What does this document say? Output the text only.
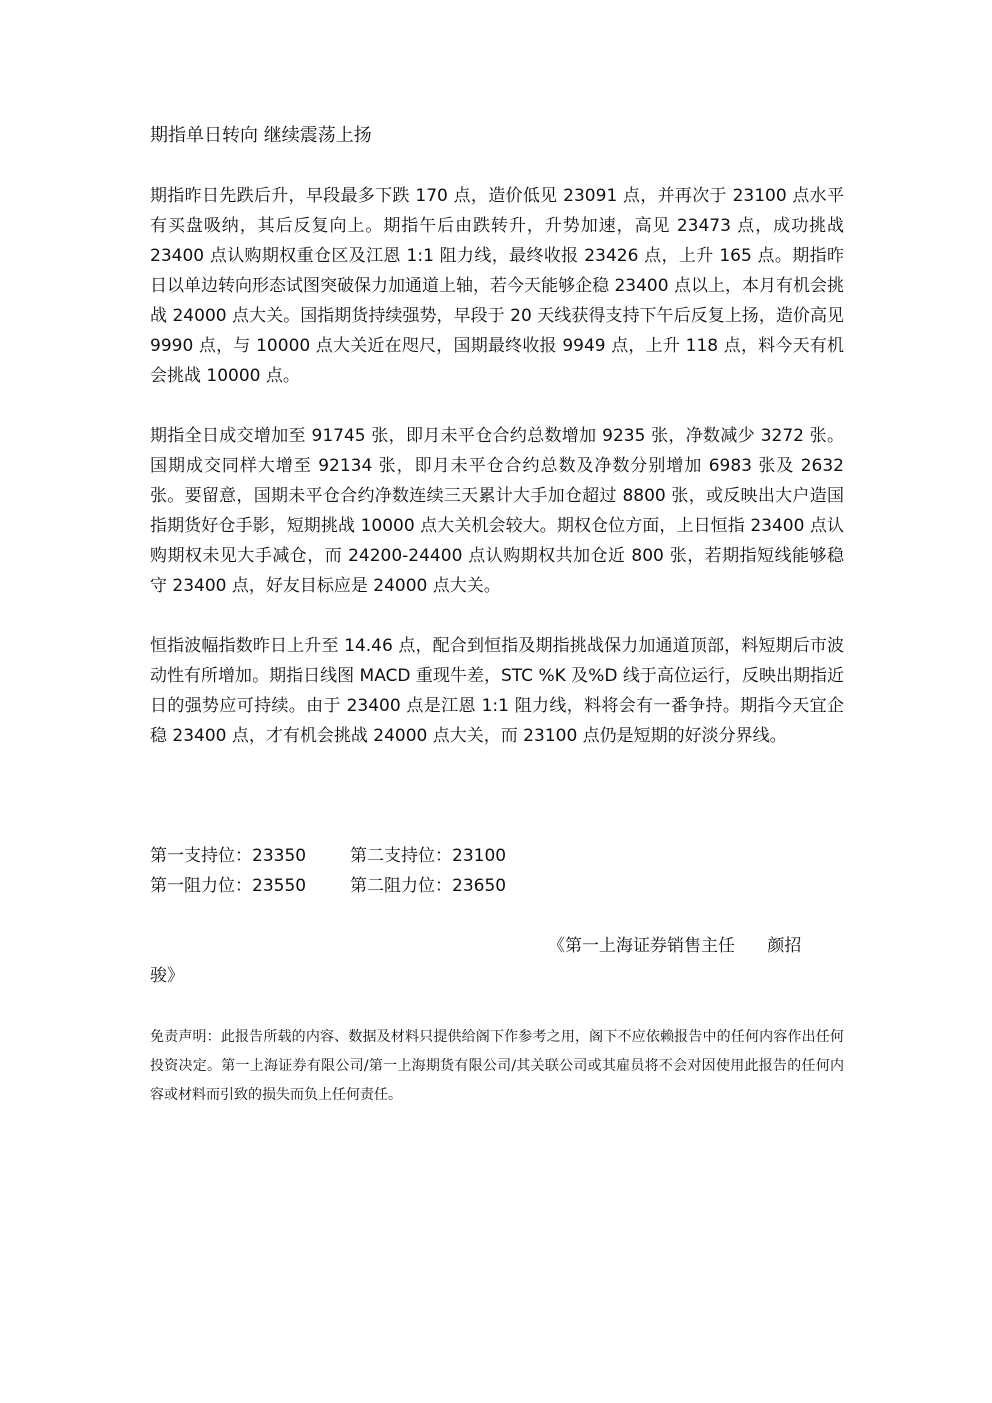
期指单日转向 继续震荡上扬

期指昨日先跌后升，早段最多下跌 170 点，造价低见 23091 点，并再次于 23100 点水平有买盘吸纳，其后反复向上。期指午后由跌转升，升势加速，高见 23473 点，成功挑战 23400 点认购期权重仓区及江恩 1:1 阻力线，最终收报 23426 点，上升 165 点。期指昨日以单边转向形态试图突破保力加通道上轴，若今天能够企稳 23400 点以上，本月有机会挑战 24000 点大关。国指期货持续强势，早段于 20 天线获得支持下午后反复上扬，造价高见 9990 点，与 10000 点大关近在咫尺，国期最终收报 9949 点，上升 118 点，料今天有机会挑战 10000 点。

期指全日成交增加至 91745 张，即月未平仓合约总数增加 9235 张，净数减少 3272 张。国期成交同样大增至 92134 张，即月未平仓合约总数及净数分别增加 6983 张及 2632 张。要留意，国期未平仓合约净数连续三天累计大手加仓超过 8800 张，或反映出大户造国指期货好仓手影，短期挑战 10000 点大关机会较大。期权仓位方面，上日恒指 23400 点认购期权未见大手减仓，而 24200-24400 点认购期权共加仓近 800 张，若期指短线能够稳守 23400 点，好友目标应是 24000 点大关。

恒指波幅指数昨日上升至 14.46 点，配合到恒指及期指挑战保力加通道顶部，料短期后市波动性有所增加。期指日线图 MACD 重现牛差，STC %K 及%D 线于高位运行，反映出期指近日的强势应可持续。由于 23400 点是江恩 1:1 阻力线，料将会有一番争持。期指今天宜企稳 23400 点，才有机会挑战 24000 点大关，而 23100 点仍是短期的好淡分界线。

第一支持位：23350	第二支持位：23100
第一阻力位：23550	第二阻力位：23650
《第一上海证券销售主任      颜招
骏》

免责声明：此报告所载的内容、数据及材料只提供给阁下作参考之用，阁下不应依赖报告中的任何内容作出任何投资决定。第一上海证券有限公司/第一上海期货有限公司/其关联公司或其雇员将不会对因使用此报告的任何内容或材料而引致的损失而负上任何责任。
